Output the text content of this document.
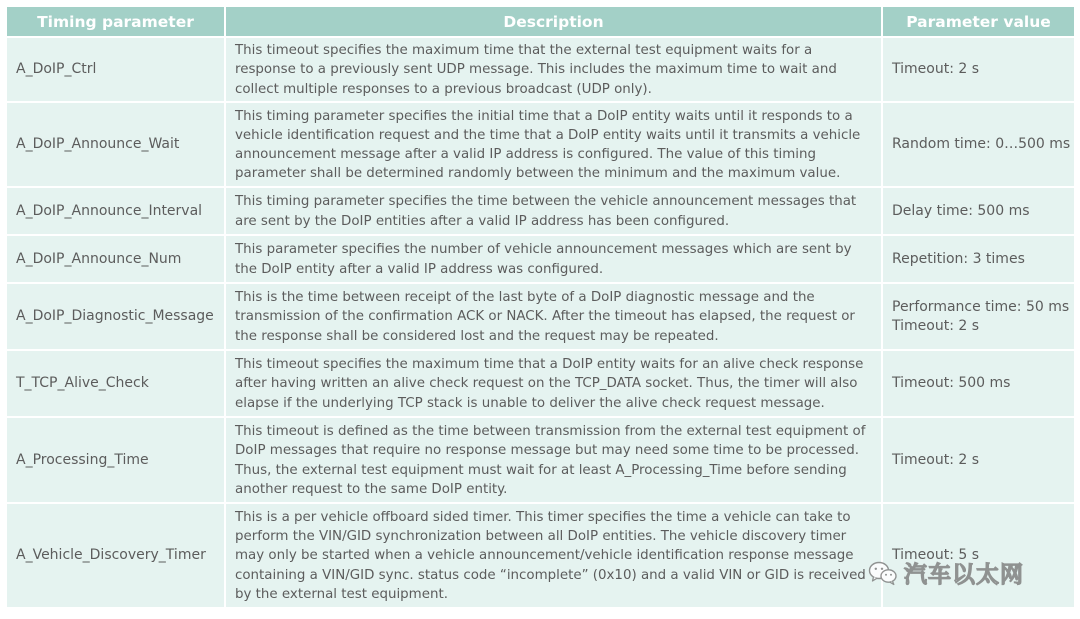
Timing parameter	Description	Parameter value
A_DoIP_Ctrl	This timeout specifies the maximum time that the external test equipment waits for a response to a previously sent UDP message. This includes the maximum time to wait and collect multiple responses to a previous broadcast (UDP only).	Timeout: 2 s

A_DoIP_Announce_Wait	This timing parameter specifies the initial time that a DoIP entity waits until it responds to a vehicle identification request and the time that a DoIP entity waits until it transmits a vehicle announcement message after a valid IP address is configured. The value of this timing parameter shall be determined randomly between the minimum and the maximum value.	Random time: 0…500 ms

A_DoIP_Announce_Interval	This timing parameter specifies the time between the vehicle announcement messages that are sent by the DoIP entities after a valid IP address has been configured.	Delay time: 500 ms

A_DoIP_Announce_Num	This parameter specifies the number of vehicle announcement messages which are sent by the DoIP entity after a valid IP address was configured.	Repetition: 3 times

A_DoIP_Diagnostic_Message	This is the time between receipt of the last byte of a DoIP diagnostic message and the transmission of the confirmation ACK or NACK. After the timeout has elapsed, the request or the response shall be considered lost and the request may be repeated.	Performance time: 50 ms
Timeout: 2 s

T_TCP_Alive_Check	This timeout specifies the maximum time that a DoIP entity waits for an alive check response after having written an alive check request on the TCP_DATA socket. Thus, the timer will also elapse if the underlying TCP stack is unable to deliver the alive check request message.	Timeout: 500 ms

A_Processing_Time	This timeout is defined as the time between transmission from the external test equipment of DoIP messages that require no response message but may need some time to be processed. Thus, the external test equipment must wait for at least A_Processing_Time before sending another request to the same DoIP entity.	Timeout: 2 s

A_Vehicle_Discovery_Timer	This is a per vehicle offboard sided timer. This timer specifies the time a vehicle can take to perform the VIN/GID synchronization between all DoIP entities. The vehicle discovery timer may only be started when a vehicle announcement/vehicle identification response message containing a VIN/GID sync. status code “incomplete” (0x10) and a valid VIN or GID is received by the external test equipment.	Timeout: 5 s
汽车以太网
